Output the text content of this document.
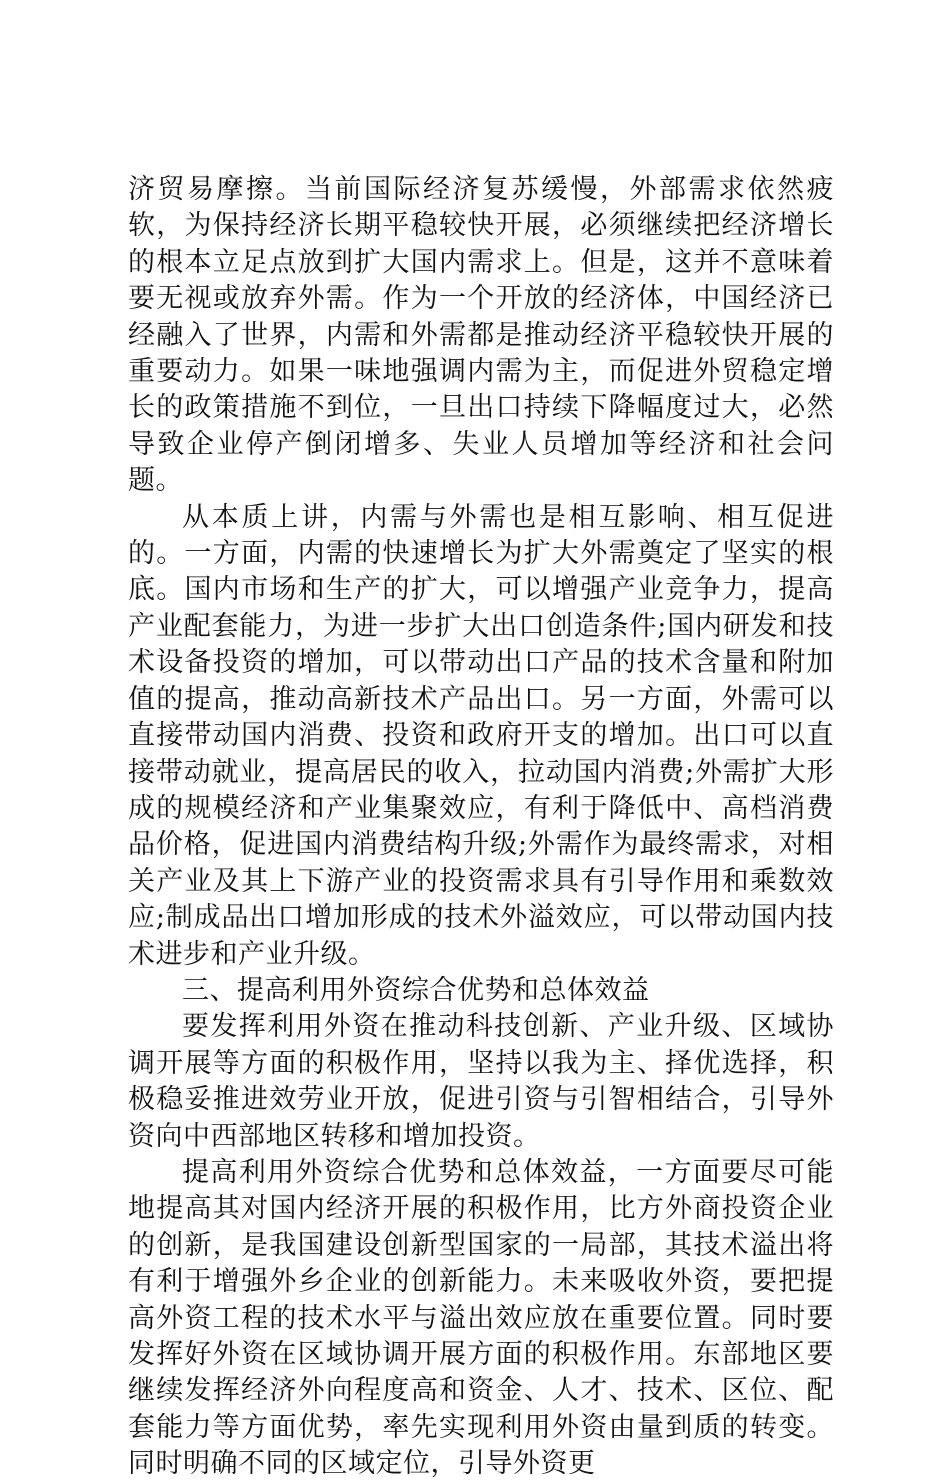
济贸易摩擦。当前国际经济复苏缓慢，外部需求依然疲软，为保持经济长期平稳较快开展，必须继续把经济增长的根本立足点放到扩大国内需求上。但是，这并不意味着要无视或放弃外需。作为一个开放的经济体，中国经济已经融入了世界，内需和外需都是推动经济平稳较快开展的重要动力。如果一味地强调内需为主，而促进外贸稳定增长的政策措施不到位，一旦出口持续下降幅度过大，必然导致企业停产倒闭增多、失业人员增加等经济和社会问题。

从本质上讲，内需与外需也是相互影响、相互促进的。一方面，内需的快速增长为扩大外需奠定了坚实的根底。国内市场和生产的扩大，可以增强产业竞争力，提高产业配套能力，为进一步扩大出口创造条件;国内研发和技术设备投资的增加，可以带动出口产品的技术含量和附加值的提高，推动高新技术产品出口。另一方面，外需可以直接带动国内消费、投资和政府开支的增加。出口可以直接带动就业，提高居民的收入，拉动国内消费;外需扩大形成的规模经济和产业集聚效应，有利于降低中、高档消费品价格，促进国内消费结构升级;外需作为最终需求，对相关产业及其上下游产业的投资需求具有引导作用和乘数效应;制成品出口增加形成的技术外溢效应，可以带动国内技术进步和产业升级。

三、提高利用外资综合优势和总体效益

要发挥利用外资在推动科技创新、产业升级、区域协调开展等方面的积极作用，坚持以我为主、择优选择，积极稳妥推进效劳业开放，促进引资与引智相结合，引导外资向中西部地区转移和增加投资。

提高利用外资综合优势和总体效益，一方面要尽可能地提高其对国内经济开展的积极作用，比方外商投资企业的创新，是我国建设创新型国家的一局部，其技术溢出将有利于增强外乡企业的创新能力。未来吸收外资，要把提高外资工程的技术水平与溢出效应放在重要位置。同时要发挥好外资在区域协调开展方面的积极作用。东部地区要继续发挥经济外向程度高和资金、人才、技术、区位、配套能力等方面优势，率先实现利用外资由量到质的转变。同时明确不同的区域定位，引导外资更
